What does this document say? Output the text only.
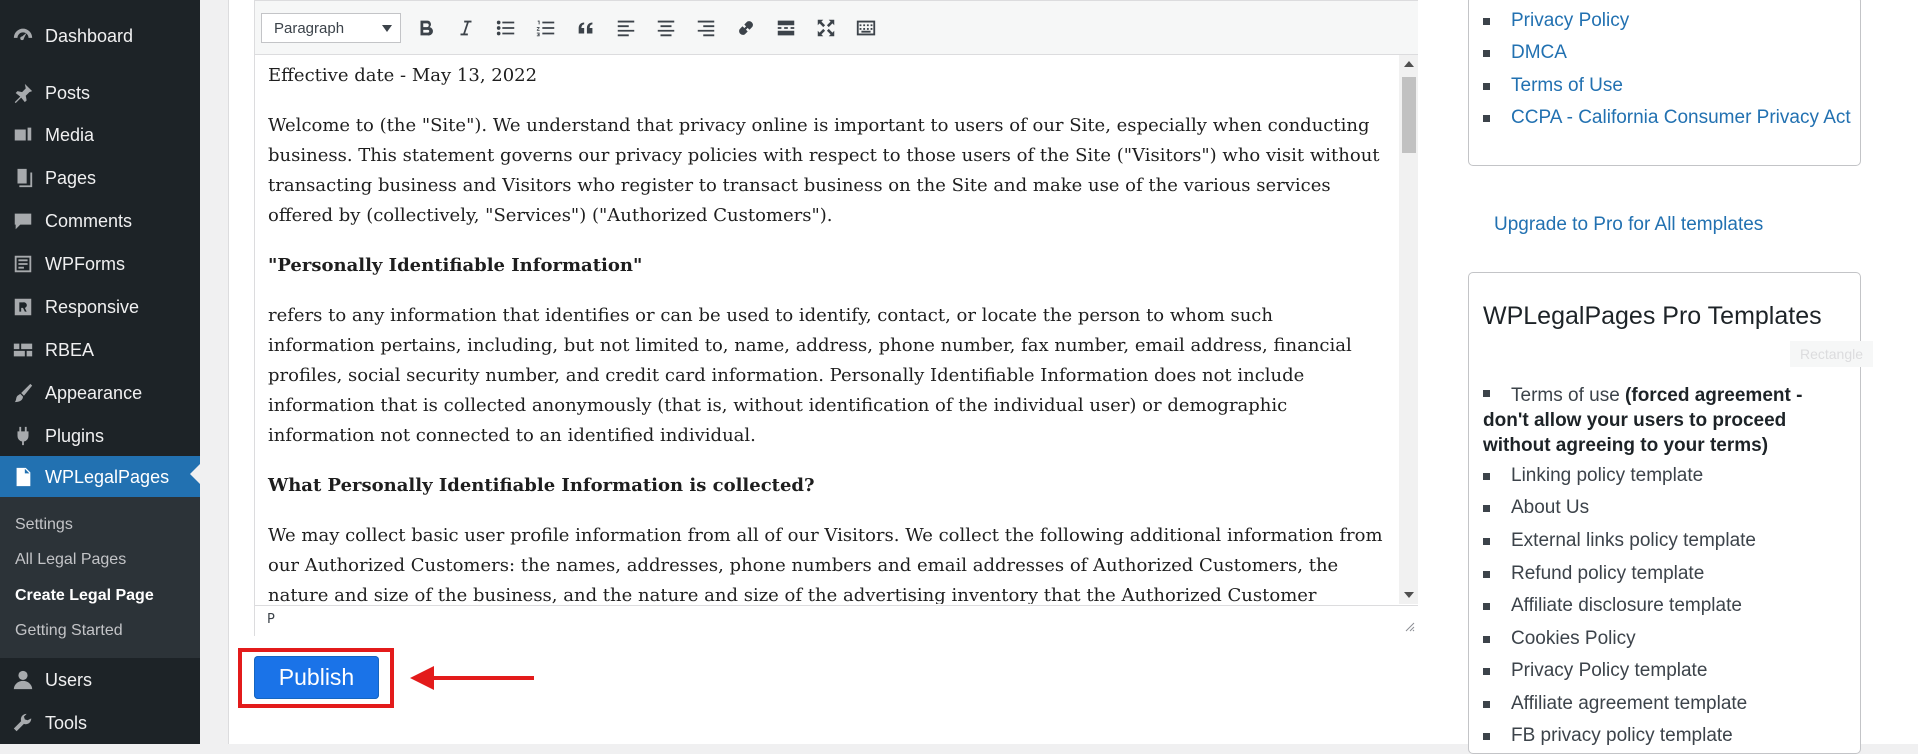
Dashboard
Posts
Media
Pages
Comments
WPForms
Responsive
RBEA
Appearance
Plugins
WPLegalPages
Settings
All Legal Pages
Create Legal Page
Getting Started
Users
Tools
Paragraph

Effective date - May 13, 2022

Welcome to (the "Site"). We understand that privacy online is important to users of our Site, especially when conducting business. This statement governs our privacy policies with respect to those users of the Site ("Visitors") who visit without transacting business and Visitors who register to transact business on the Site and make use of the various services offered by (collectively, "Services") ("Authorized Customers").

"Personally Identifiable Information"

refers to any information that identifies or can be used to identify, contact, or locate the person to whom such information pertains, including, but not limited to, name, address, phone number, fax number, email address, financial profiles, social security number, and credit card information. Personally Identifiable Information does not include information that is collected anonymously (that is, without identification of the individual user) or demographic information not connected to an identified individual.

What Personally Identifiable Information is collected?

We may collect basic user profile information from all of our Visitors. We collect the following additional information from our Authorized Customers: the names, addresses, phone numbers and email addresses of Authorized Customers, the nature and size of the business, and the nature and size of the advertising inventory that the Authorized Customer

P
Publish
Privacy Policy
DMCA
Terms of Use
CCPA - California Consumer Privacy Act
Upgrade to Pro for All templates
WPLegalPages Pro Templates
Rectangle
Terms of use (forced agreement - don't allow your users to proceed without agreeing to your terms)
Linking policy template
About Us
External links policy template
Refund policy template
Affiliate disclosure template
Cookies Policy
Privacy Policy template
Affiliate agreement template
FB privacy policy template
